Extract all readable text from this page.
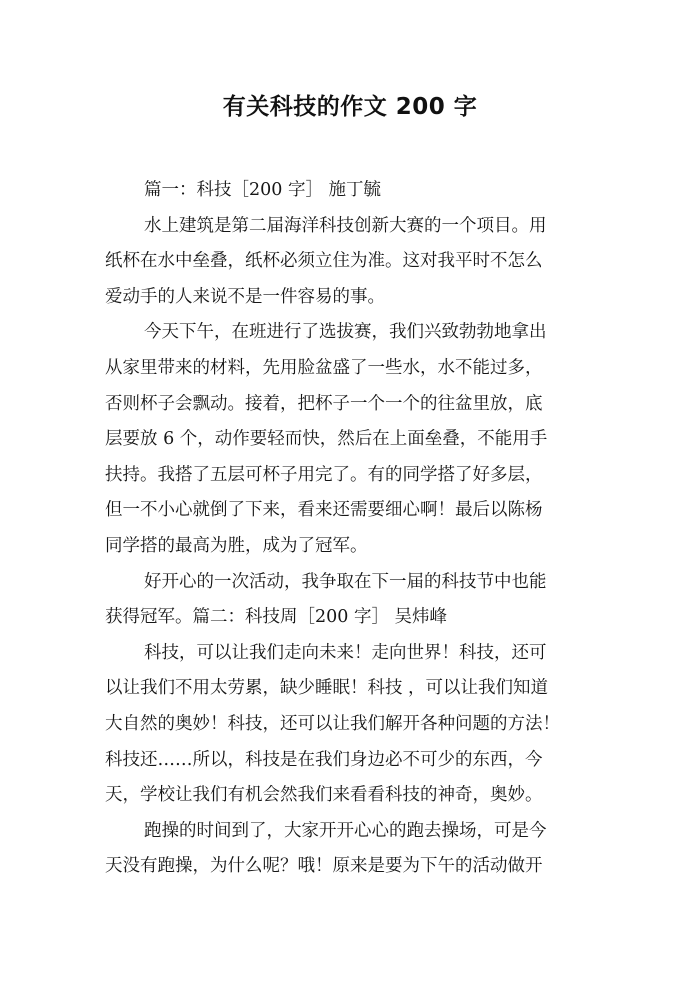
有关科技的作文 200 字
篇一：科技［200 字］ 施丁毓
水上建筑是第二届海洋科技创新大赛的一个项目。用
纸杯在水中垒叠，纸杯必须立住为准。这对我平时不怎么
爱动手的人来说不是一件容易的事。
今天下午，在班进行了选拔赛，我们兴致勃勃地拿出
从家里带来的材料，先用脸盆盛了一些水，水不能过多，
否则杯子会飘动。接着，把杯子一个一个的往盆里放，底
层要放 6 个，动作要轻而快，然后在上面垒叠，不能用手
扶持。我搭了五层可杯子用完了。有的同学搭了好多层，
但一不小心就倒了下来，看来还需要细心啊！最后以陈杨
同学搭的最高为胜，成为了冠军。
好开心的一次活动，我争取在下一届的科技节中也能
获得冠军。篇二：科技周［200 字］ 吴炜峰
科技，可以让我们走向未来！走向世界！科技，还可
以让我们不用太劳累，缺少睡眠！科技 ，可以让我们知道
大自然的奥妙！科技，还可以让我们解开各种问题的方法！
科技还……所以，科技是在我们身边必不可少的东西，今
天，学校让我们有机会然我们来看看科技的神奇，奥妙。
跑操的时间到了，大家开开心心的跑去操场，可是今
天没有跑操，为什么呢？哦！原来是要为下午的活动做开
